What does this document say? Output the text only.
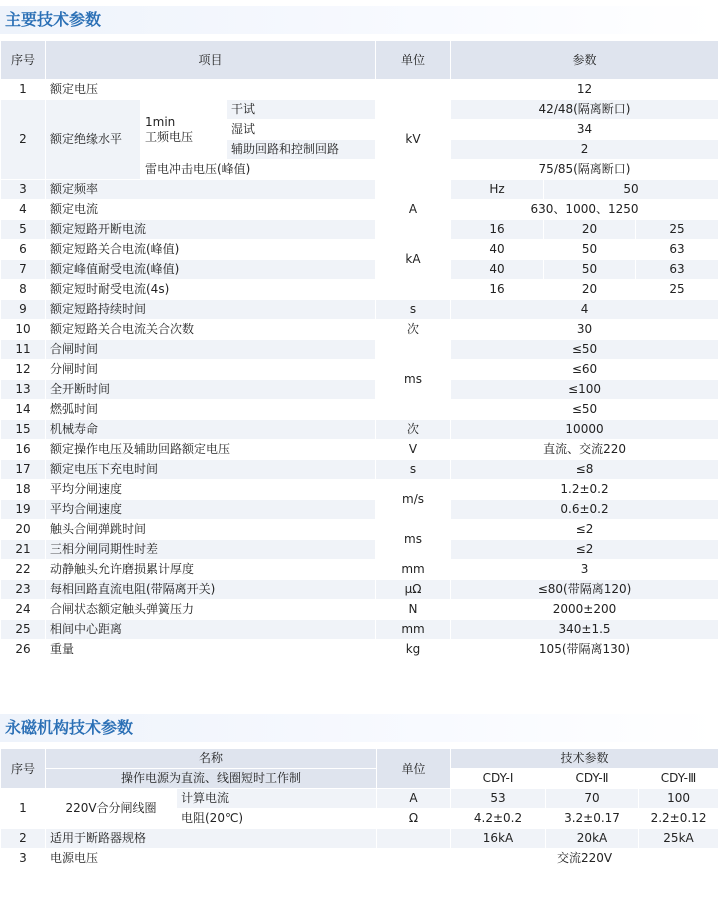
主要技术参数
序号	项目			单位	参数		
1	额定电压			kV	12		
2	额定绝缘水平	1min
工频电压	干试		42/48(隔离断口)		
			湿试		34		
			辅助回路和控制回路		2		
		雷电冲击电压(峰值)			75/85(隔离断口)		
3	额定频率				Hz	50	
4	额定电流			A	630、1000、1250		
5	额定短路开断电流			kA	16	20	25
6	额定短路关合电流(峰值)				40	50	63
7	额定峰值耐受电流(峰值)				40	50	63
8	额定短时耐受电流(4s)				16	20	25
9	额定短路持续时间			s	4		
10	额定短路关合电流关合次数			次	30		
11	合闸时间			ms	≤50		
12	分闸时间				≤60		
13	全开断时间				≤100		
14	燃弧时间				≤50		
15	机械寿命			次	10000		
16	额定操作电压及辅助回路额定电压			V	直流、交流220		
17	额定电压下充电时间			s	≤8		
18	平均分闸速度			m/s	1.2±0.2		
19	平均合闸速度				0.6±0.2		
20	触头合闸弹跳时间			ms	≤2		
21	三相分闸同期性时差				≤2		
22	动静触头允许磨损累计厚度			mm	3		
23	每相回路直流电阻(带隔离开关)			μΩ	≤80(带隔离120)		
24	合闸状态额定触头弹簧压力			N	2000±200		
25	相间中心距离			mm	340±1.5		
26	重量			kg	105(带隔离130)		
永磁机构技术参数
序号	名称		单位	技术参数		
	操作电源为直流、线圈短时工作制			CDY-Ⅰ	CDY-Ⅱ	CDY-Ⅲ
1	220V合分闸线圈	计算电流	A	53	70	100
		电阻(20℃)	Ω	4.2±0.2	3.2±0.17	2.2±0.12
2	适用于断路器规格			16kA	20kA	25kA
3	电源电压			交流220V		
